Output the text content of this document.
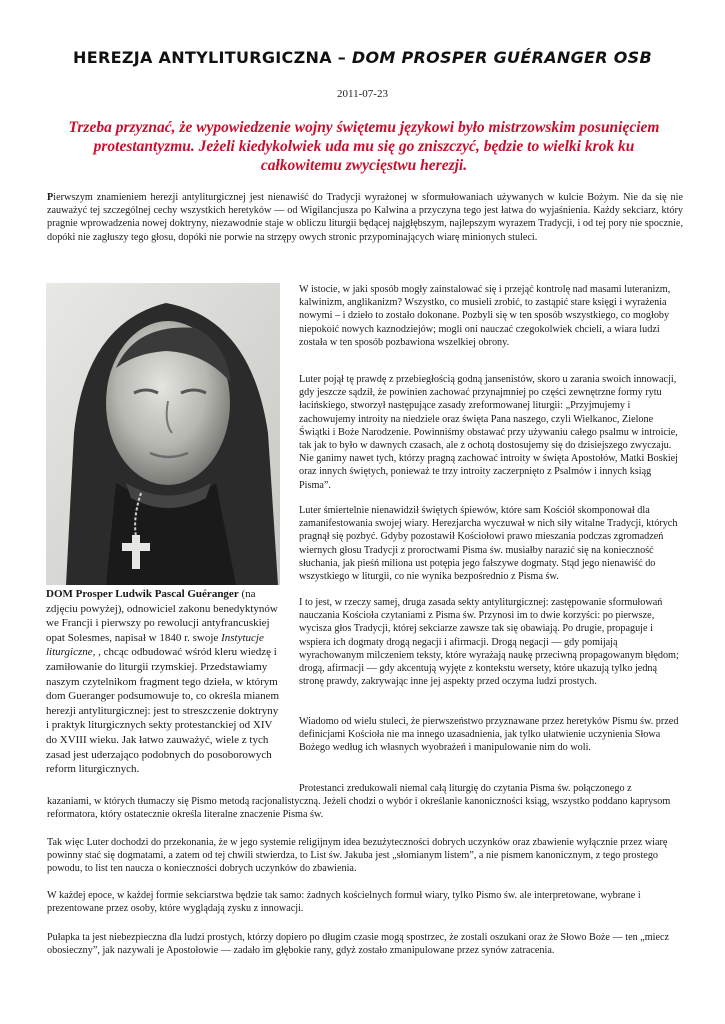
HEREZJA ANTYLITURGICZNA – DOM PROSPER GUÉRANGER OSB
2011-07-23
Trzeba przyznać, że wypowiedzenie wojny świętemu językowi było mistrzowskim posunięciem protestantyzmu. Jeżeli kiedykolwiek uda mu się go zniszczyć, będzie to wielki krok ku całkowitemu zwycięstwu herezji.
Pierwszym znamieniem herezji antyliturgicznej jest nienawiść do Tradycji wyrażonej w sformułowaniach używanych w kulcie Bożym. Nie da się nie zauważyć tej szczególnej cechy wszystkich heretyków — od Wigilancjusza po Kalwina a przyczyna tego jest łatwa do wyjaśnienia. Każdy sekciarz, który pragnie wprowadzenia nowej doktryny, niezawodnie staje w obliczu liturgii będącej najgłębszym, najlepszym wyrazem Tradycji, i od tej pory nie spocznie, dopóki nie zagłuszy tego głosu, dopóki nie porwie na strzępy owych stronic przypominających wiarę minionych stuleci.
DOM Prosper Ludwik Pascal Guéranger (na zdjęciu powyżej), odnowiciel zakonu benedyktynów we Francji i pierwszy po rewolucji antyfrancuskiej opat Solesmes, napisał w 1840 r. swoje Instytucje liturgiczne, , chcąc odbudować wśród kleru wiedzę i zamiłowanie do liturgii rzymskiej. Przedstawiamy naszym czytelnikom fragment tego dzieła, w którym dom Gueranger podsumowuje to, co określa mianem herezji antyliturgicznej: jest to streszczenie doktryny i praktyk liturgicznych sekty protestanckiej od XIV do XVIII wieku. Jak łatwo zauważyć, wiele z tych zasad jest uderzająco podobnych do posoborowych reform liturgicznych.
W istocie, w jaki sposób mogły zainstalować się i przejąć kontrolę nad masami luteranizm, kalwinizm, anglikanizm? Wszystko, co musieli zrobić, to zastąpić stare księgi i wyrażenia nowymi – i dzieło to zostało dokonane. Pozbyli się w ten sposób wszystkiego, co mogłoby niepokoić nowych kaznodziejów; mogli oni nauczać czegokolwiek chcieli, a wiara ludzi została w ten sposób pozbawiona wszelkiej obrony.
Luter pojął tę prawdę z przebiegłością godną jansenistów, skoro u zarania swoich innowacji, gdy jeszcze sądził, że powinien zachować przynajmniej po części zewnętrzne formy rytu łacińskiego, stworzył następujące zasady zreformowanej liturgii: „Przyjmujemy i zachowujemy introity na niedziele oraz święta Pana naszego, czyli Wielkanoc, Zielone Świątki i Boże Narodzenie. Powinniśmy obstawać przy używaniu całego psalmu w introicie, tak jak to było w dawnych czasach, ale z ochotą dostosujemy się do dzisiejszego zwyczaju. Nie ganimy nawet tych, którzy pragną zachować introity w święta Apostołów, Matki Boskiej oraz innych świętych, ponieważ te trzy introity zaczerpnięto z Psalmów i innych ksiąg Pisma”.
Luter śmiertelnie nienawidził świętych śpiewów, które sam Kościół skomponował dla zamanifestowania swojej wiary. Herezjarcha wyczuwał w nich siły witalne Tradycji, których pragnął się pozbyć. Gdyby pozostawił Kościołowi prawo mieszania podczas zgromadzeń wiernych głosu Tradycji z proroctwami Pisma św. musiałby narazić się na konieczność słuchania, jak pieśń miliona ust potępia jego fałszywe dogmaty. Stąd jego nienawiść do wszystkiego w liturgii, co nie wynika bezpośrednio z Pisma św.
I to jest, w rzeczy samej, druga zasada sekty antyliturgicznej: zastępowanie sformułowań nauczania Kościoła czytaniami z Pisma św. Przynosi im to dwie korzyści: po pierwsze, wycisza głos Tradycji, której sekciarze zawsze tak się obawiają. Po drugie, propaguje i wspiera ich dogmaty drogą negacji i afirmacji. Drogą negacji — gdy pomijają wyrachowanym milczeniem teksty, które wyrażają naukę przeciwną propagowanym błędom; drogą, afirmacji — gdy akcentują wyjęte z kontekstu wersety, które ukazują tylko jedną stronę prawdy, zakrywając inne jej aspekty przed oczyma ludzi prostych.
Wiadomo od wielu stuleci, że pierwszeństwo przyznawane przez heretyków Pismu św. przed definicjami Kościoła nie ma innego uzasadnienia, jak tylko ułatwienie uczynienia Słowa Bożego według ich własnych wyobrażeń i manipulowanie nim do woli.
Protestanci zredukowali niemal całą liturgię do czytania Pisma św. połączonego z
kazaniami, w których tłumaczy się Pismo metodą racjonalistyczną. Jeżeli chodzi o wybór i określanie kanoniczności ksiąg, wszystko poddano kaprysom reformatora, który ostatecznie określa literalne znaczenie Pisma św.
Tak więc Luter dochodzi do przekonania, że w jego systemie religijnym idea bezużyteczności dobrych uczynków oraz zbawienie wyłącznie przez wiarę powinny stać się dogmatami, a zatem od tej chwili stwierdza, to List św. Jakuba jest „słomianym listem”, a nie pismem kanonicznym, z tego prostego powodu, to list ten naucza o konieczności dobrych uczynków do zbawienia.
W każdej epoce, w każdej formie sekciarstwa będzie tak samo: żadnych kościelnych formuł wiary, tylko Pismo św. ale interpretowane, wybrane i prezentowane przez osoby, które wyglądają zysku z innowacji.
Pułapka ta jest niebezpieczna dla ludzi prostych, którzy dopiero po długim czasie mogą spostrzec, że zostali oszukani oraz że Słowo Boże — ten „miecz obosieczny”, jak nazywali je Apostołowie — zadało im głębokie rany, gdyż zostało zmanipulowane przez synów zatracenia.
